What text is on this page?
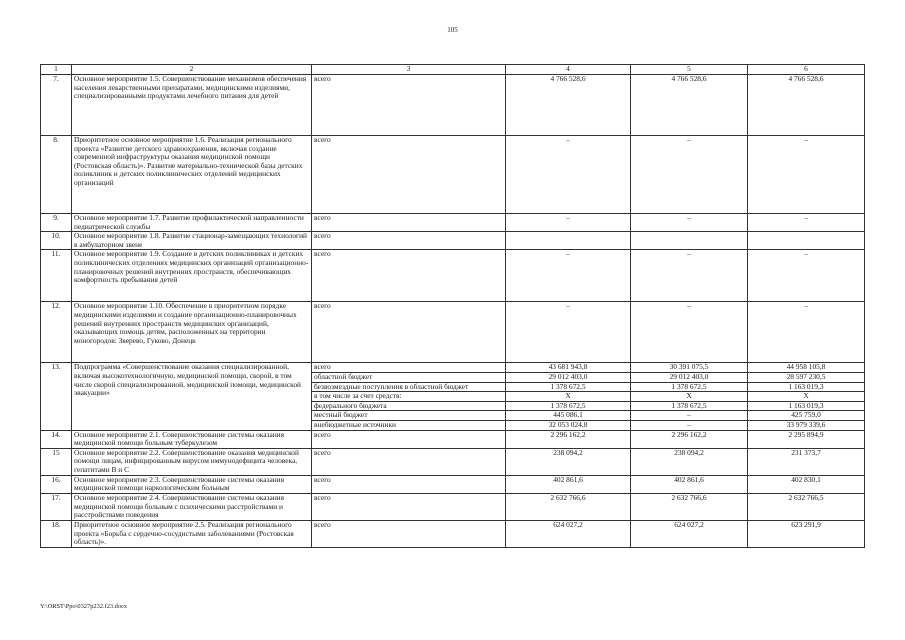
105
1	2	3	4	5	6
7.	Основное мероприятие 1.5. Совершенствование механизмов обеспечения населения лекарственными препаратами, медицинскими изделиями, специализированными продуктами лечебного питания для детей	всего	4 766 528,6	4 766 528,6	4 766 528,6
8.	Приоритетное основное мероприятие 1.6. Реализация регионального проекта «Развитие детского здравоохранения, включая создание современной инфраструктуры оказания медицинской помощи (Ростовская область)». Развитие материально-технической базы детских поликлиник и детских поликлинических отделений медицинских организаций	всего	–	–	–
9.	Основное мероприятие 1.7. Развитие профилактической направленности педиатрической службы	всего	–	–	–
10.	Основное мероприятие 1.8. Развитие стационар-замещающих технологий в амбулаторном звене	всего			
11.	Основное мероприятие 1.9. Создание в детских поликлиниках и детских поликлинических отделениях медицинских организаций организационно-планировочных решений внутренних пространств, обеспечивающих комфортность пребывания детей	всего	–	–	–
12.	Основное мероприятие 1.10. Обеспечение в приоритетном порядке медицинскими изделиями и создание организационно-планировочных решений внутренних пространств медицинских организаций, оказывающих помощь детям, расположенных на территории моногородов: Зверево, Гуково, Донецк	всего	–	–	–
13.	Подпрограмма «Совершенствование оказания специализированной, включая высокотехнологичную, медицинской помощи, скорой, в том числе скорой специализированной, медицинской помощи, медицинской эвакуации»	всего	43 681 943,8	30 391 075,5	44 958 105,8
		областной бюджет	29 012 403,0	29 012 403,0	28 597 230,5
		безвозмездные поступления в областной бюджет	1 378 672,5	1 378 672,5	1 163 019,3
		в том числе за счет средств:	X	X	X
		федерального бюджета	1 378 672,5	1 378 672,5	1 163 019,3
		местный бюджет	445 086,1	–	425 759,0
		внебюджетные источники	32 053 024,8	–	33 979 339,6
14.	Основное мероприятие 2.1. Совершенствование системы оказания медицинской помощи больным туберкулезом	всего	2 296 162,2	2 296 162,2	2 295 894,9
15	Основное мероприятие 2.2. Совершенствование оказания медицинской помощи лицам, инфицированным вирусом иммунодефицита человека, гепатитами В и С	всего	238 094,2	238 094,2	231 373,7
16.	Основное мероприятие 2.3. Совершенствование системы оказания медицинской помощи наркологическим больным	всего	402 861,6	402 861,6	402 830,1
17.	Основное мероприятие 2.4. Совершенствование системы оказания медицинской помощи больным с психическими расстройствами и расстройствами поведения	всего	2 632 766,6	2 632 766,6	2 632 766,5
18.	Приоритетное основное мероприятие 2.5. Реализация регионального проекта «Борьба с сердечно-сосудистыми заболеваниями (Ростовская область)».	всего	624 027,2	624 027,2	623 291,9
Y:\ORST\Ppo\0327p232.f23.docx
